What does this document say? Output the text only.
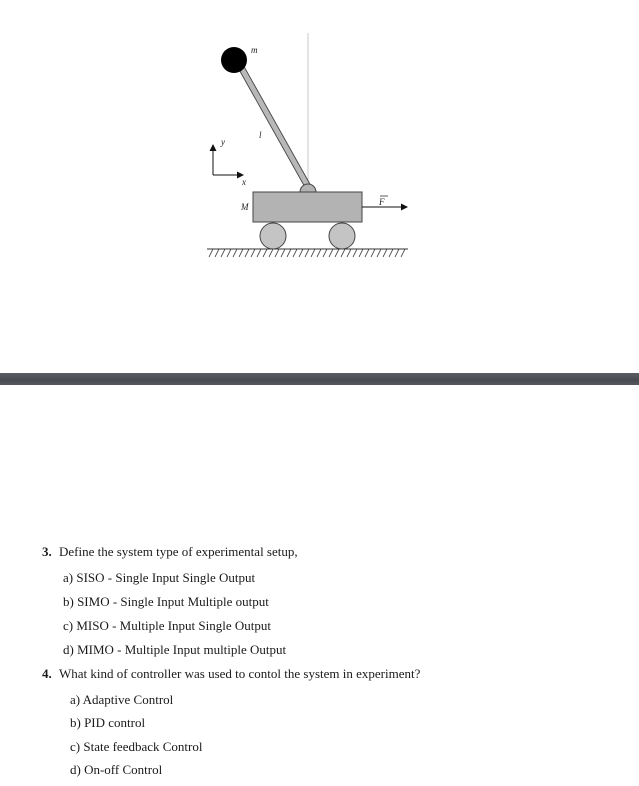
m
l
y
x
M	F
3. Define the system type of experimental setup,
a) SISO - Single Input Single Output
b) SIMO - Single Input Multiple output
c) MISO - Multiple Input Single Output
d) MIMO - Multiple Input multiple Output
4. What kind of controller was used to contol the system in experiment?
a) Adaptive Control
b) PID control
c) State feedback Control
d) On-off Control
